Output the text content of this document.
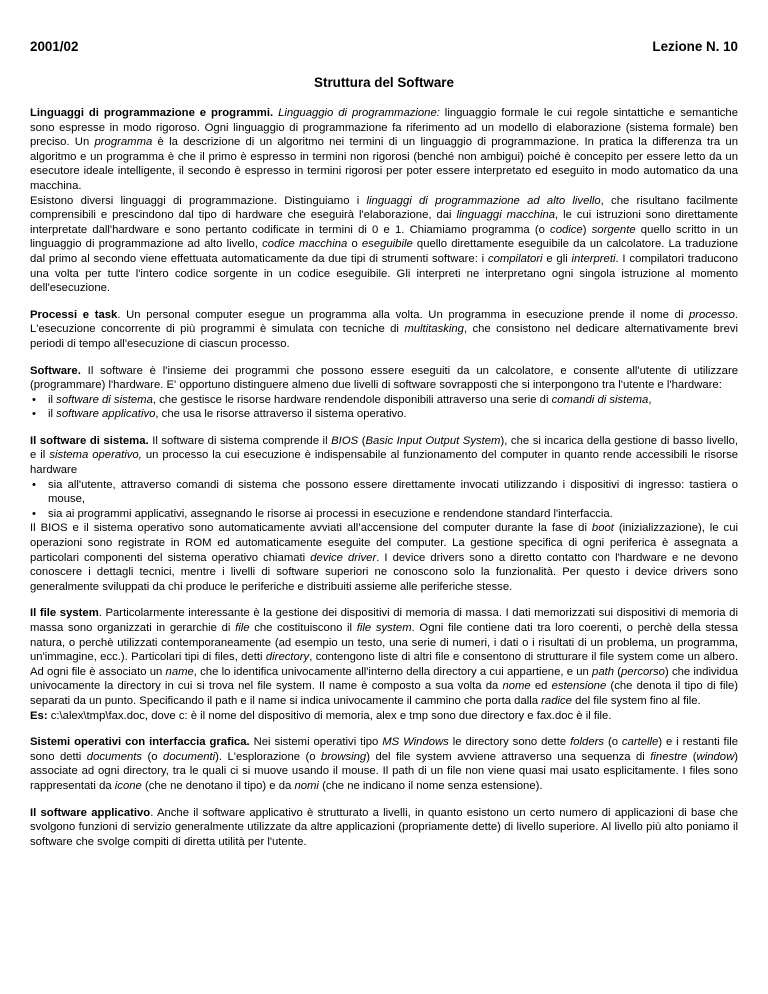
2001/02	Lezione N. 10
Struttura del Software

Linguaggi di programmazione e programmi. Linguaggio di programmazione: linguaggio formale le cui regole sintattiche e semantiche sono espresse in modo rigoroso. Ogni linguaggio di programmazione fa riferimento ad un modello di elaborazione (sistema formale) ben preciso. Un programma è la descrizione di un algoritmo nei termini di un linguaggio di programmazione. In pratica la differenza tra un algoritmo e un programma è che il primo è espresso in termini non rigorosi (benché non ambigui) poiché è concepito per essere letto da un esecutore ideale intelligente, il secondo è espresso in termini rigorosi per poter essere interpretato ed eseguito in modo automatico da una macchina.

Esistono diversi linguaggi di programmazione. Distinguiamo i linguaggi di programmazione ad alto livello, che risultano facilmente comprensibili e prescindono dal tipo di hardware che eseguirà l'elaborazione, dai linguaggi macchina, le cui istruzioni sono direttamente interpretate dall'hardware e sono pertanto codificate in termini di 0 e 1. Chiamiamo programma (o codice) sorgente quello scritto in un linguaggio di programmazione ad alto livello, codice macchina o eseguibile quello direttamente eseguibile da un calcolatore. La traduzione dal primo al secondo viene effettuata automaticamente da due tipi di strumenti software: i compilatori e gli interpreti. I compilatori traducono una volta per tutte l'intero codice sorgente in un codice eseguibile. Gli interpreti ne interpretano ogni singola istruzione al momento dell'esecuzione.

Processi e task. Un personal computer esegue un programma alla volta. Un programma in esecuzione prende il nome di processo. L'esecuzione concorrente di più programmi è simulata con tecniche di multitasking, che consistono nel dedicare alternativamente brevi periodi di tempo all'esecuzione di ciascun processo.

Software. Il software è l'insieme dei programmi che possono essere eseguiti da un calcolatore, e consente all'utente di utilizzare (programmare) l'hardware. E' opportuno distinguere almeno due livelli di software sovrapposti che si interpongono tra l'utente e l'hardware:

• il software di sistema, che gestisce le risorse hardware rendendole disponibili attraverso una serie di comandi di sistema,
• il software applicativo, che usa le risorse attraverso il sistema operativo.

Il software di sistema. Il software di sistema comprende il BIOS (Basic Input Output System), che si incarica della gestione di basso livello, e il sistema operativo, un processo la cui esecuzione è indispensabile al funzionamento del computer in quanto rende accessibili le risorse hardware

• sia all'utente, attraverso comandi di sistema che possono essere direttamente invocati utilizzando i dispositivi di ingresso: tastiera o mouse,
• sia ai programmi applicativi, assegnando le risorse ai processi in esecuzione e rendendone standard l'interfaccia.

Il BIOS e il sistema operativo sono automaticamente avviati all’accensione del computer durante la fase di boot (inizializzazione), le cui operazioni sono registrate in ROM ed automaticamente eseguite del computer. La gestione specifica di ogni periferica è assegnata a particolari componenti del sistema operativo chiamati device driver. I device drivers sono a diretto contatto con l'hardware e ne devono conoscere i dettagli tecnici, mentre i livelli di software superiori ne conoscono solo la funzionalità. Per questo i device drivers sono generalmente sviluppati da chi produce le periferiche e distribuiti assieme alle periferiche stesse.

Il file system. Particolarmente interessante è la gestione dei dispositivi di memoria di massa. I dati memorizzati sui dispositivi di memoria di massa sono organizzati in gerarchie di file che costituiscono il file system. Ogni file contiene dati tra loro coerenti, o perchè della stessa natura, o perchè utilizzati contemporaneamente (ad esempio un testo, una serie di numeri, i dati o i risultati di un problema, un programma, un'immagine, ecc.). Particolari tipi di files, detti directory, contengono liste di altri file e consentono di strutturare il file system come un albero. Ad ogni file è associato un name, che lo identifica univocamente all'interno della directory a cui appartiene, e un path (percorso) che individua univocamente la directory in cui si trova nel file system. Il name è composto a sua volta da nome ed estensione (che denota il tipo di file) separati da un punto. Specificando il path e il name si indica univocamente il cammino che porta dalla radice del file system fino al file.

Es: c:\alex\tmp\fax.doc, dove c: è il nome del dispositivo di memoria, alex e tmp sono due directory e fax.doc è il file.

Sistemi operativi con interfaccia grafica. Nei sistemi operativi tipo MS Windows le directory sono dette folders (o cartelle) e i restanti file sono detti documents (o documenti). L'esplorazione (o browsing) del file system avviene attraverso una sequenza di finestre (window) associate ad ogni directory, tra le quali ci si muove usando il mouse. Il path di un file non viene quasi mai usato esplicitamente. I files sono rappresentati da icone (che ne denotano il tipo) e da nomi (che ne indicano il nome senza estensione).

Il software applicativo. Anche il software applicativo è strutturato a livelli, in quanto esistono un certo numero di applicazioni di base che svolgono funzioni di servizio generalmente utilizzate da altre applicazioni (propriamente dette) di livello superiore. Al livello più alto poniamo il software che svolge compiti di diretta utilità per l'utente.
